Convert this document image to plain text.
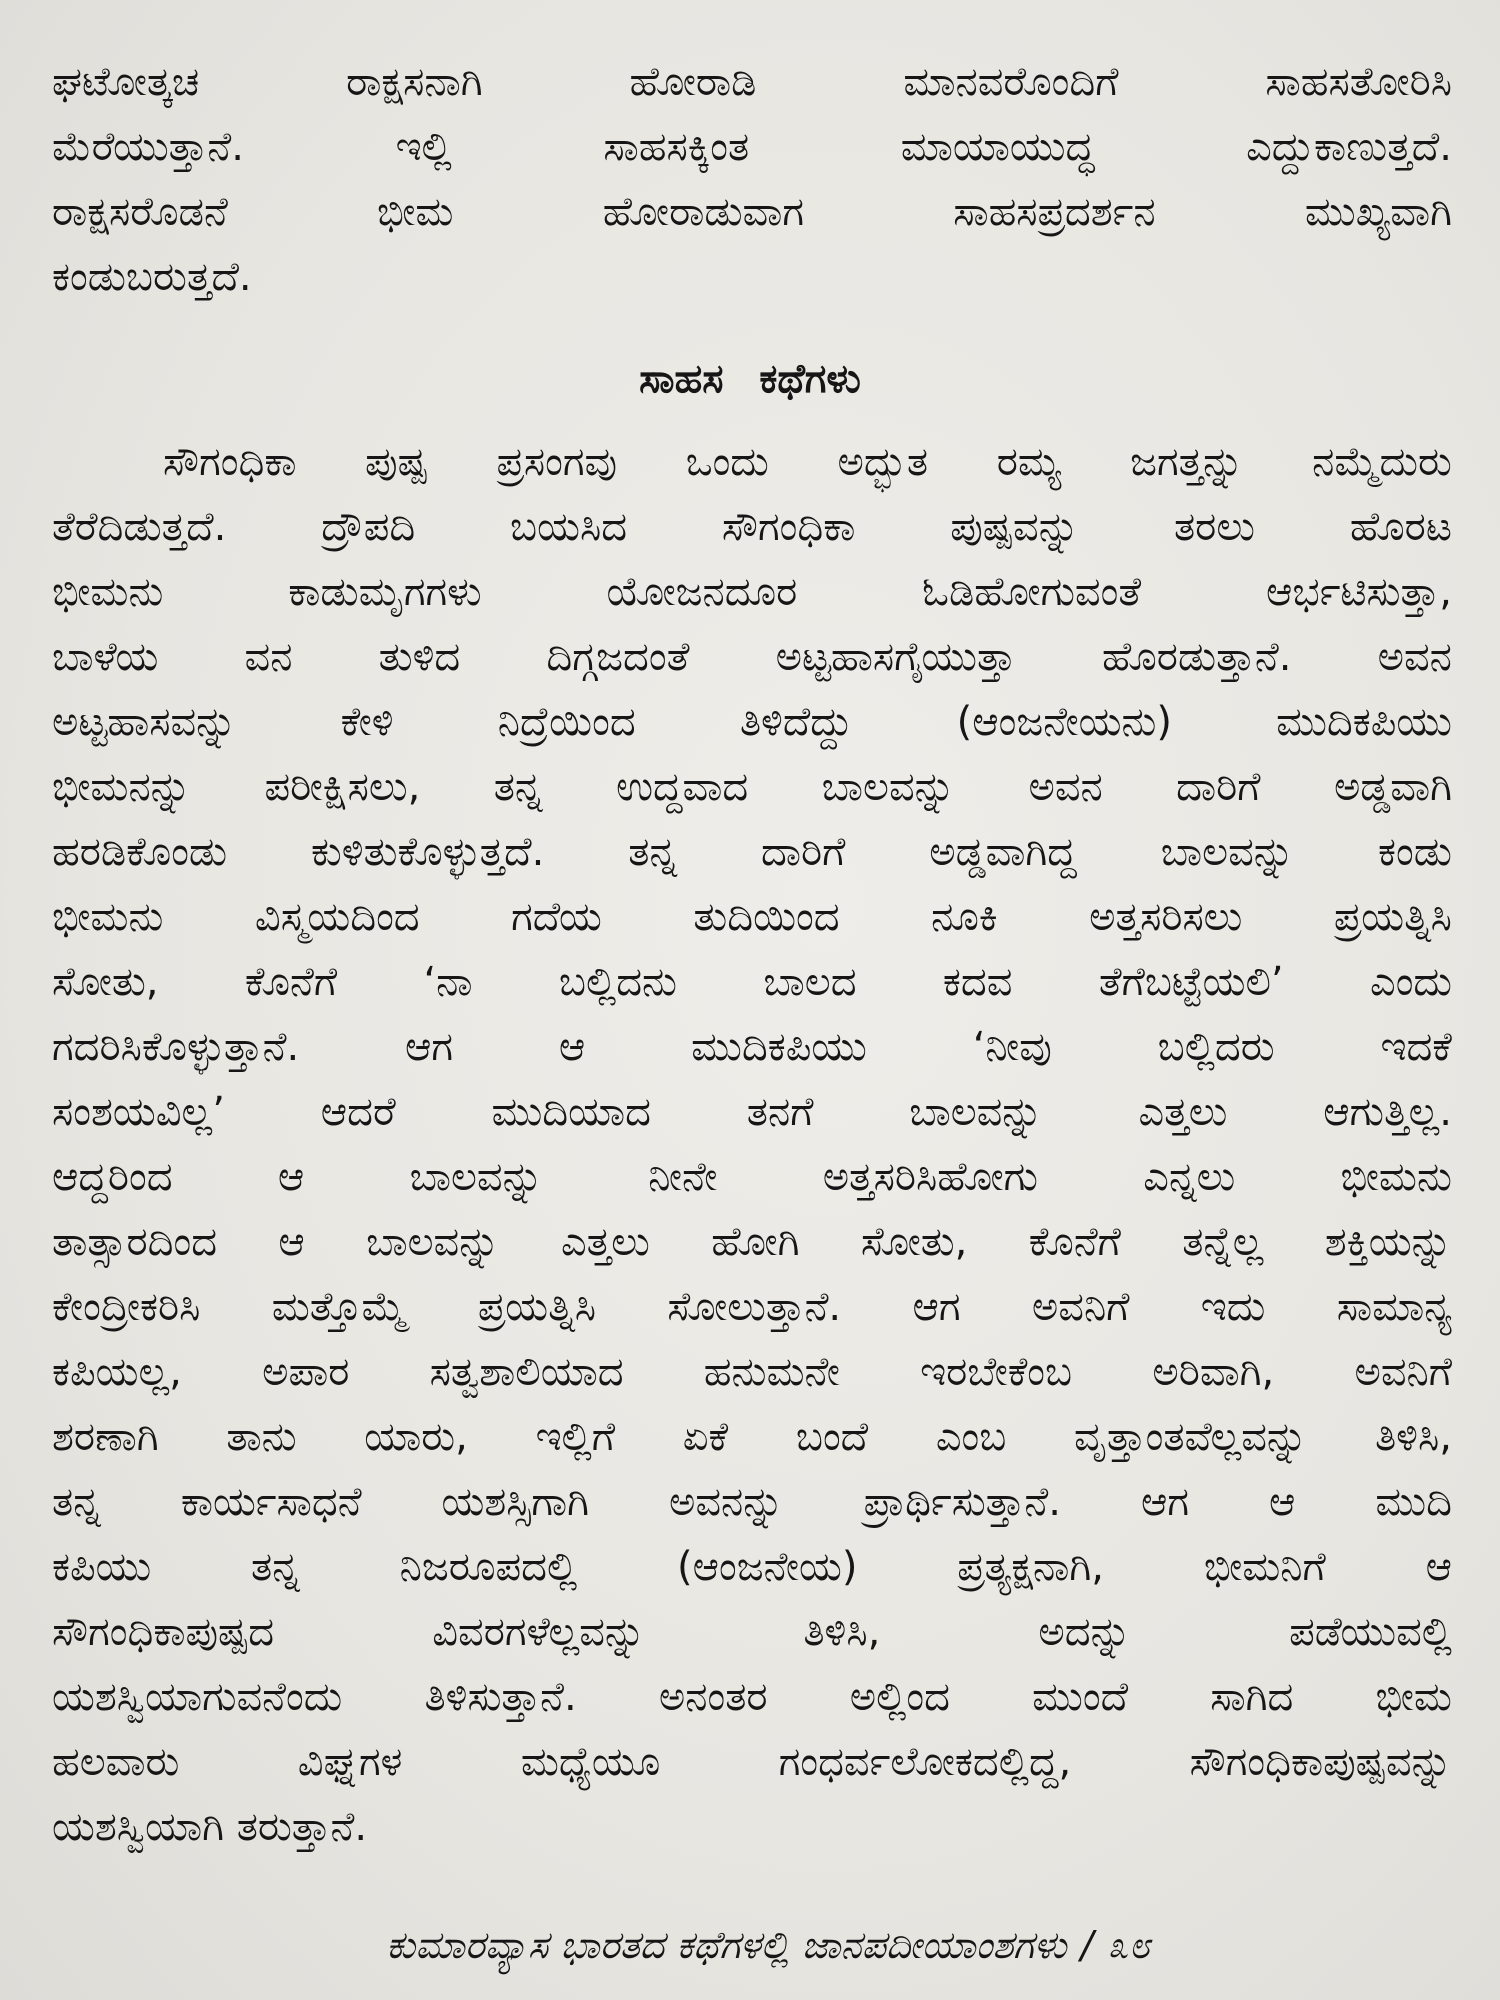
ಘಟೋತ್ಕಚ	ರಾಕ್ಷಸನಾಗಿ	ಹೋರಾಡಿ	ಮಾನವರೊಂದಿಗೆ	ಸಾಹಸತೋರಿಸಿ
ಮೆರೆಯುತ್ತಾನೆ.	ಇಲ್ಲಿ	ಸಾಹಸಕ್ಕಿಂತ	ಮಾಯಾಯುದ್ಧ	ಎದ್ದುಕಾಣುತ್ತದೆ.
ರಾಕ್ಷಸರೊಡನೆ	ಭೀಮ	ಹೋರಾಡುವಾಗ	ಸಾಹಸಪ್ರದರ್ಶನ	ಮುಖ್ಯವಾಗಿ
ಕಂಡುಬರುತ್ತದೆ.
ಸಾಹಸ ಕಥೆಗಳು
ಸೌಗಂಧಿಕಾ ಪುಷ್ಪ ಪ್ರಸಂಗವು ಒಂದು ಅದ್ಭುತ ರಮ್ಯ ಜಗತ್ತನ್ನು ನಮ್ಮೆದುರು
ತೆರೆದಿಡುತ್ತದೆ. ದ್ರೌಪದಿ ಬಯಸಿದ ಸೌಗಂಧಿಕಾ ಪುಷ್ಪವನ್ನು ತರಲು ಹೊರಟ
ಭೀಮನು	ಕಾಡುಮೃಗಗಳು	ಯೋಜನದೂರ	ಓಡಿಹೋಗುವಂತೆ	ಆರ್ಭಟಿಸುತ್ತಾ,
ಬಾಳೆಯ ವನ ತುಳಿದ ದಿಗ್ಗಜದಂತೆ ಅಟ್ಟಹಾಸಗೈಯುತ್ತಾ ಹೊರಡುತ್ತಾನೆ. ಅವನ
ಅಟ್ಟಹಾಸವನ್ನು	ಕೇಳಿ	ನಿದ್ರೆಯಿಂದ	ತಿಳಿದೆದ್ದು	(ಆಂಜನೇಯನು)	ಮುದಿಕಪಿಯು
ಭೀಮನನ್ನು ಪರೀಕ್ಷಿಸಲು, ತನ್ನ ಉದ್ದವಾದ ಬಾಲವನ್ನು ಅವನ ದಾರಿಗೆ ಅಡ್ಡವಾಗಿ
ಹರಡಿಕೊಂಡು ಕುಳಿತುಕೊಳ್ಳುತ್ತದೆ. ತನ್ನ ದಾರಿಗೆ ಅಡ್ಡವಾಗಿದ್ದ ಬಾಲವನ್ನು ಕಂಡು
ಭೀಮನು ವಿಸ್ಮಯದಿಂದ ಗದೆಯ ತುದಿಯಿಂದ ನೂಕಿ ಅತ್ತಸರಿಸಲು ಪ್ರಯತ್ನಿಸಿ
ಸೋತು, ಕೊನೆಗೆ ‘ನಾ ಬಲ್ಲಿದನು ಬಾಲದ ಕದವ ತೆಗೆಬಟ್ಟೆಯಲಿ’ ಎಂದು
ಗದರಿಸಿಕೊಳ್ಳುತ್ತಾನೆ.	ಆಗ	ಆ	ಮುದಿಕಪಿಯು	‘ನೀವು	ಬಲ್ಲಿದರು	ಇದಕೆ
ಸಂಶಯವಿಲ್ಲ’ ಆದರೆ ಮುದಿಯಾದ ತನಗೆ ಬಾಲವನ್ನು ಎತ್ತಲು ಆಗುತ್ತಿಲ್ಲ.
ಆದ್ದರಿಂದ	ಆ	ಬಾಲವನ್ನು	ನೀನೇ	ಅತ್ತಸರಿಸಿಹೋಗು	ಎನ್ನಲು	ಭೀಮನು
ತಾತ್ಸಾರದಿಂದ ಆ ಬಾಲವನ್ನು ಎತ್ತಲು ಹೋಗಿ ಸೋತು, ಕೊನೆಗೆ ತನ್ನೆಲ್ಲ ಶಕ್ತಿಯನ್ನು
ಕೇಂದ್ರೀಕರಿಸಿ ಮತ್ತೊಮ್ಮೆ ಪ್ರಯತ್ನಿಸಿ ಸೋಲುತ್ತಾನೆ. ಆಗ ಅವನಿಗೆ ಇದು ಸಾಮಾನ್ಯ
ಕಪಿಯಲ್ಲ, ಅಪಾರ ಸತ್ವಶಾಲಿಯಾದ ಹನುಮನೇ ಇರಬೇಕೆಂಬ ಅರಿವಾಗಿ, ಅವನಿಗೆ
ಶರಣಾಗಿ ತಾನು ಯಾರು, ಇಲ್ಲಿಗೆ ಏಕೆ ಬಂದೆ ಎಂಬ ವೃತ್ತಾಂತವೆಲ್ಲವನ್ನು ತಿಳಿಸಿ,
ತನ್ನ ಕಾರ್ಯಸಾಧನೆ ಯಶಸ್ಸಿಗಾಗಿ ಅವನನ್ನು ಪ್ರಾರ್ಥಿಸುತ್ತಾನೆ. ಆಗ ಆ ಮುದಿ
ಕಪಿಯು ತನ್ನ ನಿಜರೂಪದಲ್ಲಿ (ಆಂಜನೇಯ) ಪ್ರತ್ಯಕ್ಷನಾಗಿ, ಭೀಮನಿಗೆ ಆ
ಸೌಗಂಧಿಕಾಪುಷ್ಪದ	ವಿವರಗಳೆಲ್ಲವನ್ನು	ತಿಳಿಸಿ,	ಅದನ್ನು	ಪಡೆಯುವಲ್ಲಿ
ಯಶಸ್ವಿಯಾಗುವನೆಂದು ತಿಳಿಸುತ್ತಾನೆ. ಅನಂತರ ಅಲ್ಲಿಂದ ಮುಂದೆ ಸಾಗಿದ ಭೀಮ
ಹಲವಾರು	ವಿಘ್ನಗಳ	ಮಧ್ಯೆಯೂ	ಗಂಧರ್ವಲೋಕದಲ್ಲಿದ್ದ,	ಸೌಗಂಧಿಕಾಪುಷ್ಪವನ್ನು
ಯಶಸ್ವಿಯಾಗಿ ತರುತ್ತಾನೆ.
ಕುಮಾರವ್ಯಾಸ ಭಾರತದ ಕಥೆಗಳಲ್ಲಿ ಜಾನಪದೀಯಾಂಶಗಳು / ೩೮
